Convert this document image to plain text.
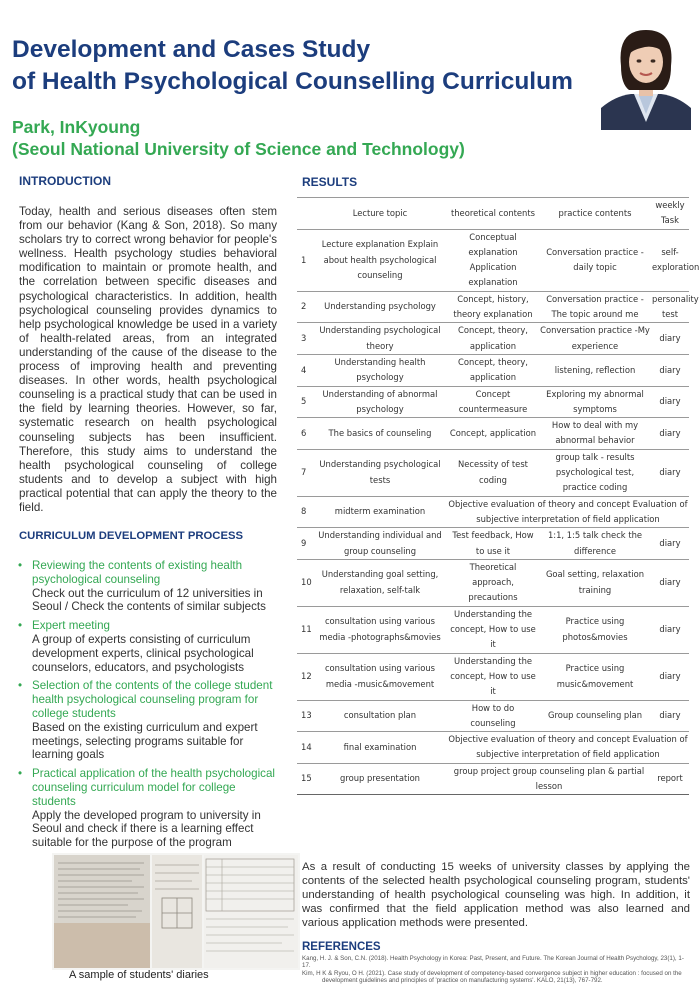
Development and Cases Study
of Health Psychological Counselling Curriculum
Park, InKyoung
(Seoul National University of Science and Technology)
INTRODUCTION
Today, health and serious diseases often stem from our behavior (Kang & Son, 2018). So many scholars try to correct wrong behavior for people's wellness. Health psychology studies behavioral modification to maintain or promote health, and the correlation between specific diseases and psychological characteristics. In addition, health psychological counseling provides dynamics to help psychological knowledge be used in a variety of health-related areas, from an integrated understanding of the cause of the disease to the process of improving health and preventing diseases. In other words, health psychological counseling is a practical study that can be used in the field by learning theories. However, so far, systematic research on health psychological counseling subjects has been insufficient. Therefore, this study aims to understand the health psychological counseling of college students and to develop a subject with high practical potential that can apply the theory to the field.
CURRICULUM DEVELOPMENT PROCESS
• Reviewing the contents of existing health psychological counseling
Check out the curriculum of 12 universities in Seoul / Check the contents of similar subjects
• Expert meeting
A group of experts consisting of curriculum development experts, clinical psychological counselors, educators, and psychologists
• Selection of the contents of the college student health psychological counseling program for college students
Based on the existing curriculum and expert meetings, selecting programs suitable for learning goals
• Practical application of the health psychological counseling curriculum model for college students
Apply the developed program to university in Seoul and check if there is a learning effect suitable for the purpose of the program
A sample of students' diaries
RESULTS
	Lecture topic	theoretical contents	practice contents	weekly Task
1	Lecture explanation Explain about health psychological counseling	Conceptual explanation Application explanation	Conversation practice -daily topic	self-exploration
2	Understanding psychology	Concept, history, theory explanation	Conversation practice -The topic around me	personality test
3	Understanding psychological theory	Concept, theory, application	Conversation practice -My experience	diary
4	Understanding health psychology	Concept, theory, application	listening, reflection	diary
5	Understanding of abnormal psychology	Concept countermeasure	Exploring my abnormal symptoms	diary
6	The basics of counseling	Concept, application	How to deal with my abnormal behavior	diary
7	Understanding psychological tests	Necessity of test coding	group talk - results psychological test, practice coding	diary
8	midterm examination	Objective evaluation of theory and concept Evaluation of subjective interpretation of field application		
9	Understanding individual and group counseling	Test feedback, How to use it	1:1, 1:5 talk check the difference	diary
10	Understanding goal setting, relaxation, self-talk	Theoretical approach, precautions	Goal setting, relaxation training	diary
11	consultation using various media -photographs&movies	Understanding the concept, How to use it	Practice using photos&movies	diary
12	consultation using various media -music&movement	Understanding the concept, How to use it	Practice using music&movement	diary
13	consultation plan	How to do counseling	Group counseling plan	diary
14	final examination	Objective evaluation of theory and concept Evaluation of subjective interpretation of field application		
15	group presentation	group project group counseling plan & partial lesson		report
As a result of conducting 15 weeks of university classes by applying the contents of the selected health psychological counseling program, students' understanding of health psychological counseling was high. In addition, it was confirmed that the field application method was also learned and various application methods were presented.
REFERENCES

Kang, H. J. & Son, C.N. (2018). Health Psychology in Korea: Past, Present, and Future. The Korean Journal of Health Psychology, 23(1), 1-17.

Kim, H K & Ryou, O H. (2021). Case study of development of competency-based convergence subject in higher education : focused on the

development guidelines and principles of 'practice on manufacturing systems'. KALO, 21(13), 767-792.
